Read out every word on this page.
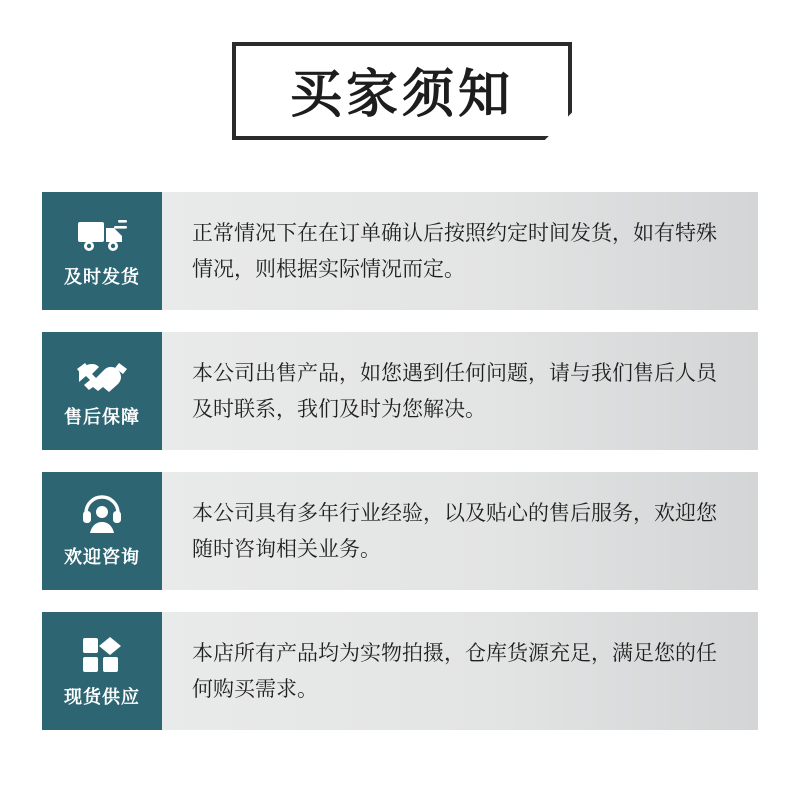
买家须知
及时发货

正常情况下在在订单确认后按照约定时间发货，如有特殊情况，则根据实际情况而定。

售后保障

本公司出售产品，如您遇到任何问题，请与我们售后人员及时联系，我们及时为您解决。

欢迎咨询

本公司具有多年行业经验，以及贴心的售后服务，欢迎您随时咨询相关业务。

现货供应

本店所有产品均为实物拍摄，仓库货源充足，满足您的任何购买需求。
